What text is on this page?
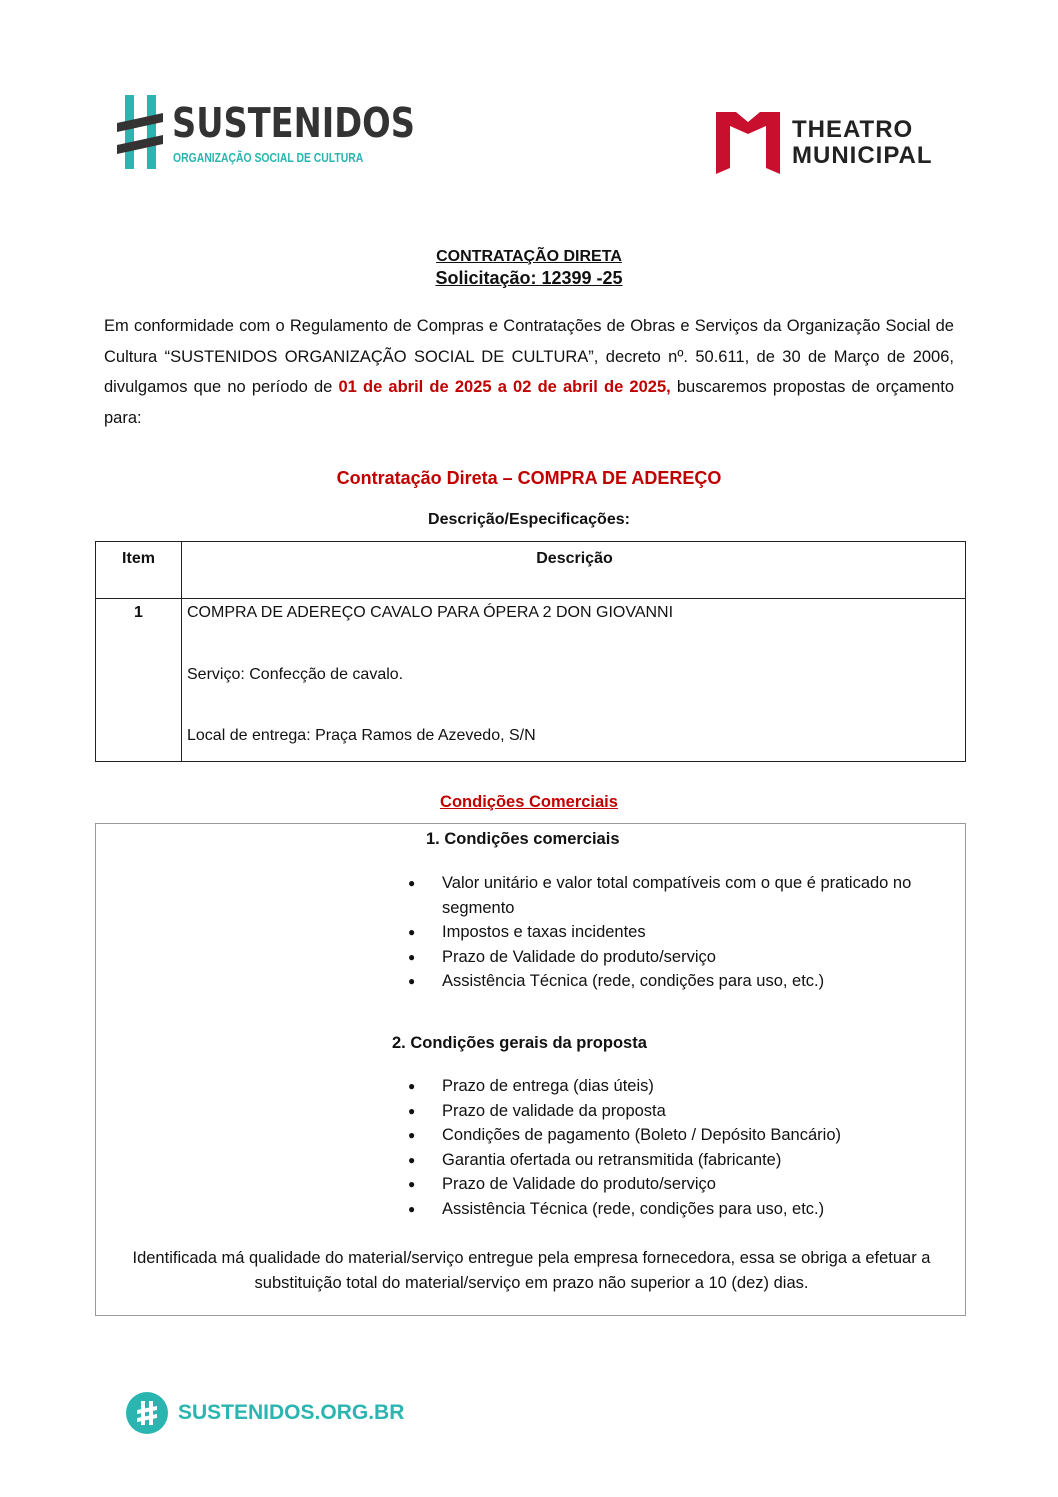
SUSTENIDOS
ORGANIZAÇÃO SOCIAL DE CULTURA
THEATRO
MUNICIPAL
CONTRATAÇÃO DIRETA
Solicitação: 12399 -25
Em conformidade com o Regulamento de Compras e Contratações de Obras e Serviços da Organização Social de Cultura “SUSTENIDOS ORGANIZAÇÃO SOCIAL DE CULTURA”, decreto nº. 50.611, de 30 de Março de 2006, divulgamos que no período de 01 de abril de 2025 a 02 de abril de 2025, buscaremos propostas de orçamento para:
Contratação Direta – COMPRA DE ADEREÇO
Descrição/Especificações:
Item	Descrição
1	COMPRA DE ADEREÇO CAVALO PARA ÓPERA 2 DON GIOVANNI
Serviço: Confecção de cavalo.
Local de entrega: Praça Ramos de Azevedo, S/N
Condições Comerciais
1. Condições comerciais
● Valor unitário e valor total compatíveis com o que é praticado no segmento
● Impostos e taxas incidentes
● Prazo de Validade do produto/serviço
● Assistência Técnica (rede, condições para uso, etc.)
2. Condições gerais da proposta
● Prazo de entrega (dias úteis)
● Prazo de validade da proposta
● Condições de pagamento (Boleto / Depósito Bancário)
● Garantia ofertada ou retransmitida (fabricante)
● Prazo de Validade do produto/serviço
● Assistência Técnica (rede, condições para uso, etc.)
Identificada má qualidade do material/serviço entregue pela empresa fornecedora, essa se obriga a efetuar a substituição total do material/serviço em prazo não superior a 10 (dez) dias.
SUSTENIDOS.ORG.BR
